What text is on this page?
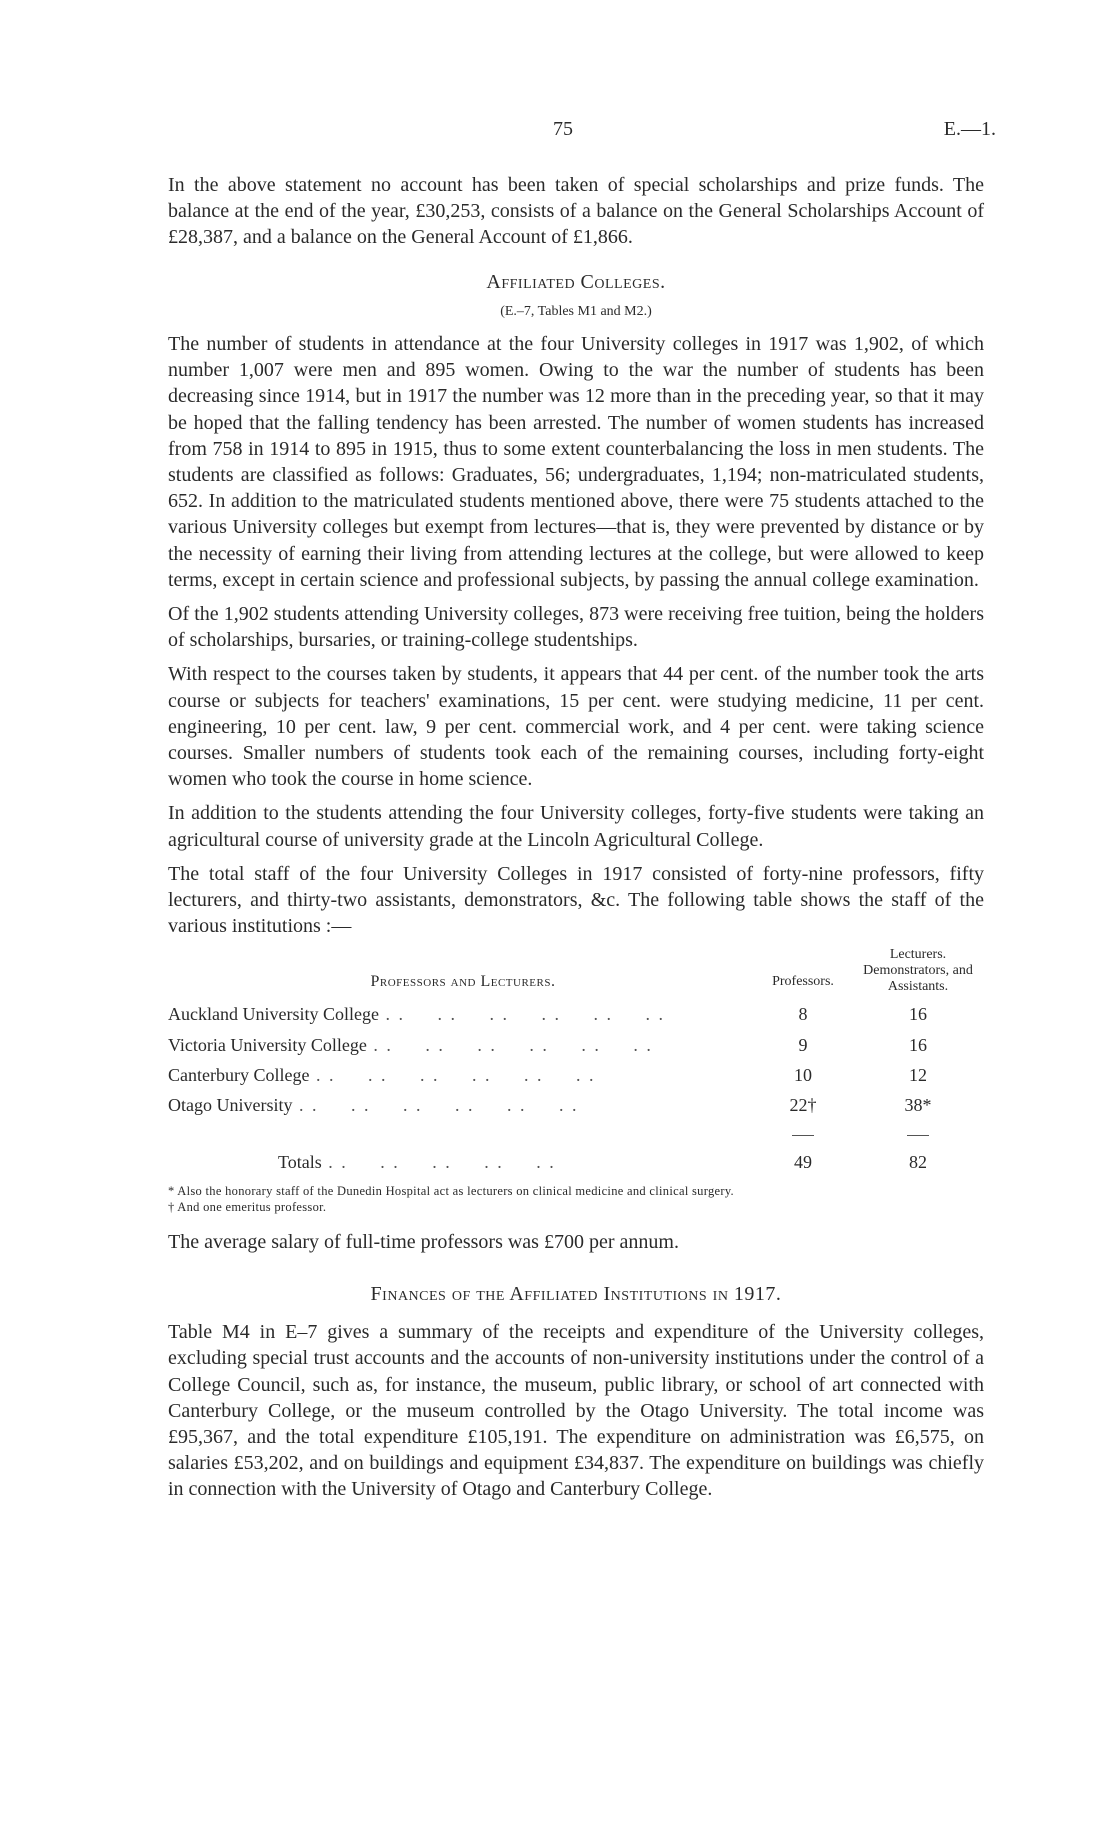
75	E.—1.

In the above statement no account has been taken of special scholarships and prize funds. The balance at the end of the year, £30,253, consists of a balance on the General Scholarships Account of £28,387, and a balance on the General Account of £1,866.

Affiliated Colleges.
(E.–7, Tables M1 and M2.)

The number of students in attendance at the four University colleges in 1917 was 1,902, of which number 1,007 were men and 895 women. Owing to the war the number of students has been decreasing since 1914, but in 1917 the number was 12 more than in the preceding year, so that it may be hoped that the falling tendency has been arrested. The number of women students has increased from 758 in 1914 to 895 in 1915, thus to some extent counterbalancing the loss in men students. The students are classified as follows: Graduates, 56; undergraduates, 1,194; non-matriculated students, 652. In addition to the matriculated students mentioned above, there were 75 students attached to the various University colleges but exempt from lectures—that is, they were prevented by distance or by the necessity of earning their living from attending lectures at the college, but were allowed to keep terms, except in certain science and professional subjects, by passing the annual college examination.

Of the 1,902 students attending University colleges, 873 were receiving free tuition, being the holders of scholarships, bursaries, or training-college studentships.

With respect to the courses taken by students, it appears that 44 per cent. of the number took the arts course or subjects for teachers' examinations, 15 per cent. were studying medicine, 11 per cent. engineering, 10 per cent. law, 9 per cent. commercial work, and 4 per cent. were taking science courses. Smaller numbers of students took each of the remaining courses, including forty-eight women who took the course in home science.

In addition to the students attending the four University colleges, forty-five students were taking an agricultural course of university grade at the Lincoln Agricultural College.

The total staff of the four University Colleges in 1917 consisted of forty-nine professors, fifty lecturers, and thirty-two assistants, demonstrators, &c. The following table shows the staff of the various institutions :—

Professors and Lecturers.	Professors.	Lecturers. Demonstrators, and Assistants.
Auckland University College . .	8	16
Victoria University College . .	9	16
Canterbury College . .	10	12
Otago University . .	22†	38*

Totals . .	49	82
* Also the honorary staff of the Dunedin Hospital act as lecturers on clinical medicine and clinical surgery.
† And one emeritus professor.

The average salary of full-time professors was £700 per annum.

Finances of the Affiliated Institutions in 1917.

Table M4 in E–7 gives a summary of the receipts and expenditure of the University colleges, excluding special trust accounts and the accounts of non-university institutions under the control of a College Council, such as, for instance, the museum, public library, or school of art connected with Canterbury College, or the museum controlled by the Otago University. The total income was £95,367, and the total expenditure £105,191. The expenditure on administration was £6,575, on salaries £53,202, and on buildings and equipment £34,837. The expenditure on buildings was chiefly in connection with the University of Otago and Canterbury College.
